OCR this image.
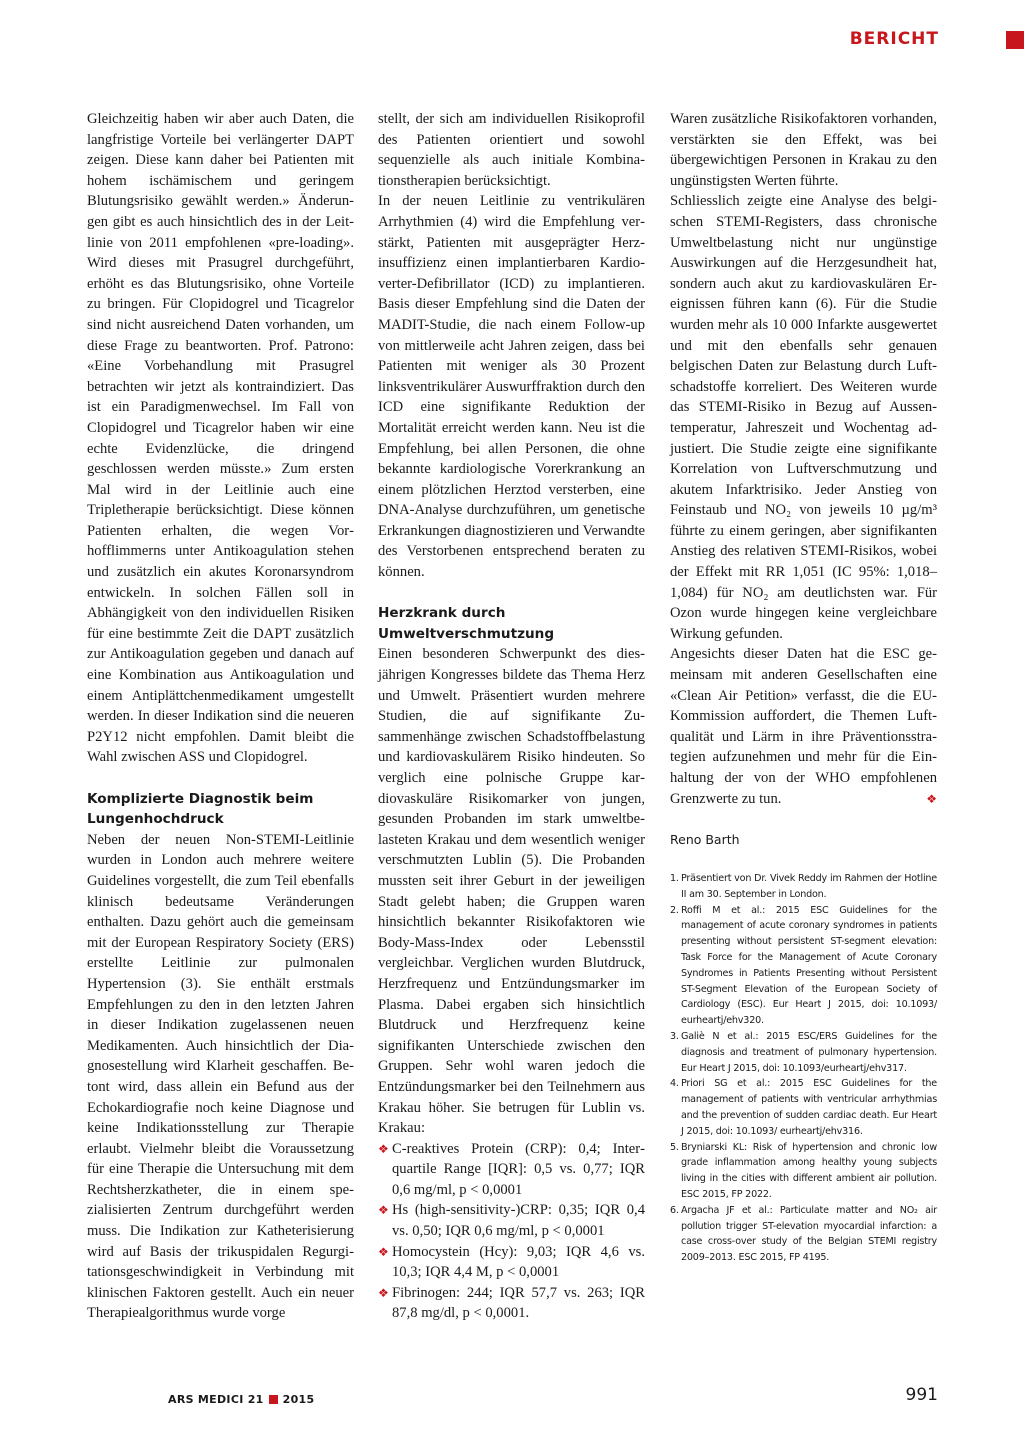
BERICHT

Gleichzeitig haben wir aber auch Daten, die langfristige Vorteile bei verlängerter DAPT zeigen. Diese kann daher bei Patienten mit hohem ischämischem und geringem Blutungsrisiko gewählt werden.» Änderungen gibt es auch hinsichtlich des in der Leitlinie von 2011 empfohlenen «pre-loading». Wird dieses mit Prasugrel durchgeführt, erhöht es das Blutungsrisiko, ohne Vorteile zu bringen. Für Clopidogrel und Ticagrelor sind nicht ausreichend Daten vorhanden, um diese Frage zu beantworten. Prof. Patrono: «Eine Vorbehandlung mit Prasugrel betrachten wir jetzt als kontraindiziert. Das ist ein Paradigmenwechsel. Im Fall von Clopidogrel und Ticagrelor haben wir eine echte Evidenzlücke, die dringend geschlossen werden müsste.» Zum ersten Mal wird in der Leitlinie auch eine Tripletherapie berücksichtigt. Diese können Patienten erhalten, die wegen Vorhofflimmerns unter Antikoagulation stehen und zusätzlich ein akutes Koronarsyndrom entwickeln. In solchen Fällen soll in Abhängigkeit von den individuellen Risiken für eine bestimmte Zeit die DAPT zusätzlich zur Antikoagulation gegeben und danach auf eine Kombination aus Antikoagulation und einem Antiplättchenmedikament umgestellt werden. In dieser Indikation sind die neueren P2Y12 nicht empfohlen. Damit bleibt die Wahl zwischen ASS und Clopidogrel.

Komplizierte Diagnostik beim Lungenhochdruck

Neben der neuen Non-STEMI-Leitlinie wurden in London auch mehrere weitere Guidelines vorgestellt, die zum Teil ebenfalls klinisch bedeutsame Veränderungen enthalten. Dazu gehört auch die gemeinsam mit der European Respiratory Society (ERS) erstellte Leitlinie zur pulmonalen Hypertension (3). Sie enthält erstmals Empfehlungen zu den in den letzten Jahren in dieser Indikation zugelassenen neuen Medikamenten. Auch hinsichtlich der Diagnosestellung wird Klarheit geschaffen. Betont wird, dass allein ein Befund aus der Echokardiografie noch keine Diagnose und keine Indikationsstellung zur Therapie erlaubt. Vielmehr bleibt die Voraussetzung für eine Therapie die Untersuchung mit dem Rechtsherzkatheter, die in einem spezialisierten Zentrum durchgeführt werden muss. Die Indikation zur Katheterisierung wird auf Basis der trikuspidalen Regurgitationsgeschwindigkeit in Verbindung mit klinischen Faktoren gestellt. Auch ein neuer Therapiealgorithmus wurde vorge

stellt, der sich am individuellen Risikoprofil des Patienten orientiert und sowohl sequenzielle als auch initiale Kombinationstherapien berücksichtigt.

In der neuen Leitlinie zu ventrikulären Arrhythmien (4) wird die Empfehlung verstärkt, Patienten mit ausgeprägter Herzinsuffizienz einen implantierbaren Kardioverter-Defibrillator (ICD) zu implantieren. Basis dieser Empfehlung sind die Daten der MADIT-Studie, die nach einem Follow-up von mittlerweile acht Jahren zeigen, dass bei Patienten mit weniger als 30 Prozent linksventrikulärer Auswurffraktion durch den ICD eine signifikante Reduktion der Mortalität erreicht werden kann. Neu ist die Empfehlung, bei allen Personen, die ohne bekannte kardiologische Vorerkrankung an einem plötzlichen Herztod versterben, eine DNA-Analyse durchzuführen, um genetische Erkrankungen diagnostizieren und Verwandte des Verstorbenen entsprechend beraten zu können.

Herzkrank durch Umweltverschmutzung

Einen besonderen Schwerpunkt des diesjährigen Kongresses bildete das Thema Herz und Umwelt. Präsentiert wurden mehrere Studien, die auf signifikante Zusammenhänge zwischen Schadstoffbelastung und kardiovaskulärem Risiko hindeuten. So verglich eine polnische Gruppe kardiovaskuläre Risikomarker von jungen, gesunden Probanden im stark umweltbelasteten Krakau und dem wesentlich weniger verschmutzten Lublin (5). Die Probanden mussten seit ihrer Geburt in der jeweiligen Stadt gelebt haben; die Gruppen waren hinsichtlich bekannter Risikofaktoren wie Body-Mass-Index oder Lebensstil vergleichbar. Verglichen wurden Blutdruck, Herzfrequenz und Entzündungsmarker im Plasma. Dabei ergaben sich hinsichtlich Blutdruck und Herzfrequenz keine signifikanten Unterschiede zwischen den Gruppen. Sehr wohl waren jedoch die Entzündungsmarker bei den Teilnehmern aus Krakau höher. Sie betrugen für Lublin vs. Krakau:

❖ C-reaktives Protein (CRP): 0,4; Interquartile Range [IQR]: 0,5 vs. 0,77; IQR 0,6 mg/ml, p < 0,0001
❖ Hs (high-sensitivity-)CRP: 0,35; IQR 0,4 vs. 0,50; IQR 0,6 mg/ml, p < 0,0001
❖ Homocystein (Hcy): 9,03; IQR 4,6 vs. 10,3; IQR 4,4 M, p < 0,0001
❖ Fibrinogen: 244; IQR 57,7 vs. 263; IQR 87,8 mg/dl, p < 0,0001.

Waren zusätzliche Risikofaktoren vorhanden, verstärkten sie den Effekt, was bei übergewichtigen Personen in Krakau zu den ungünstigsten Werten führte.

Schliesslich zeigte eine Analyse des belgischen STEMI-Registers, dass chronische Umweltbelastung nicht nur ungünstige Auswirkungen auf die Herzgesundheit hat, sondern auch akut zu kardiovaskulären Ereignissen führen kann (6). Für die Studie wurden mehr als 10 000 Infarkte ausgewertet und mit den ebenfalls sehr genauen belgischen Daten zur Belastung durch Luftschadstoffe korreliert. Des Weiteren wurde das STEMI-Risiko in Bezug auf Aussentemperatur, Jahreszeit und Wochentag adjustiert. Die Studie zeigte eine signifikante Korrelation von Luftverschmutzung und akutem Infarktrisiko. Jeder Anstieg von Feinstaub und NO₂ von jeweils 10 µg/m³ führte zu einem geringen, aber signifikanten Anstieg des relativen STEMI-Risikos, wobei der Effekt mit RR 1,051 (IC 95%: 1,018–1,084) für NO₂ am deutlichsten war. Für Ozon wurde hingegen keine vergleichbare Wirkung gefunden.

Angesichts dieser Daten hat die ESC gemeinsam mit anderen Gesellschaften eine «Clean Air Petition» verfasst, die die EU-Kommission auffordert, die Themen Luftqualität und Lärm in ihre Präventionsstrategien aufzunehmen und mehr für die Einhaltung der von der WHO empfohlenen Grenzwerte zu tun.	❖

Reno Barth

1. Präsentiert von Dr. Vivek Reddy im Rahmen der Hotline II am 30. September in London.
2. Roffi M et al.: 2015 ESC Guidelines for the management of acute coronary syndromes in patients presenting without persistent ST-segment elevation: Task Force for the Management of Acute Coronary Syndromes in Patients Presenting without Persistent ST-Segment Elevation of the European Society of Cardiology (ESC). Eur Heart J 2015, doi: 10.1093/ eurheartj/ehv320.
3. Galiè N et al.: 2015 ESC/ERS Guidelines for the diagnosis and treatment of pulmonary hypertension. Eur Heart J 2015, doi: 10.1093/eurheartj/ehv317.
4. Priori SG et al.: 2015 ESC Guidelines for the management of patients with ventricular arrhythmias and the prevention of sudden cardiac death. Eur Heart J 2015, doi: 10.1093/ eurheartj/ehv316.
5. Bryniarski KL: Risk of hypertension and chronic low grade inflammation among healthy young subjects living in the cities with different ambient air pollution. ESC 2015, FP 2022.
6. Argacha JF et al.: Particulate matter and NO₂ air pollution trigger ST-elevation myocardial infarction: a case cross-over study of the Belgian STEMI registry 2009–2013. ESC 2015, FP 4195.
ARS MEDICI 21 2015	991
